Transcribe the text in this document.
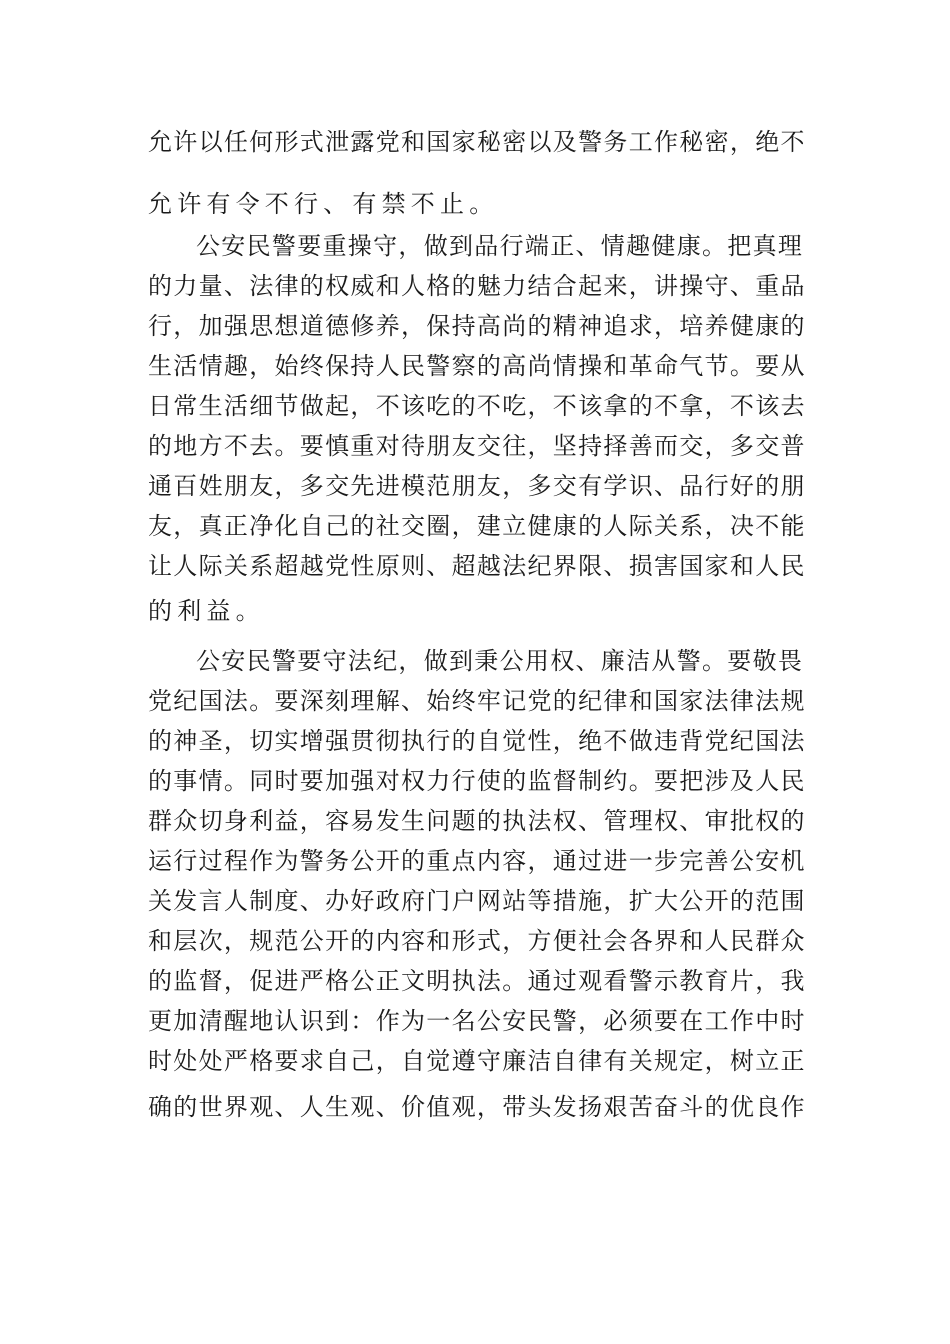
允许以任何形式泄露党和国家秘密以及警务工作秘密，绝不
允许有令不行、有禁不止。
公安民警要重操守，做到品行端正、情趣健康。把真理
的力量、法律的权威和人格的魅力结合起来，讲操守、重品
行，加强思想道德修养，保持高尚的精神追求，培养健康的
生活情趣，始终保持人民警察的高尚情操和革命气节。要从
日常生活细节做起，不该吃的不吃，不该拿的不拿，不该去
的地方不去。要慎重对待朋友交往，坚持择善而交，多交普
通百姓朋友，多交先进模范朋友，多交有学识、品行好的朋
友，真正净化自己的社交圈，建立健康的人际关系，决不能
让人际关系超越党性原则、超越法纪界限、损害国家和人民
的利益。
公安民警要守法纪，做到秉公用权、廉洁从警。要敬畏
党纪国法。要深刻理解、始终牢记党的纪律和国家法律法规
的神圣，切实增强贯彻执行的自觉性，绝不做违背党纪国法
的事情。同时要加强对权力行使的监督制约。要把涉及人民
群众切身利益，容易发生问题的执法权、管理权、审批权的
运行过程作为警务公开的重点内容，通过进一步完善公安机
关发言人制度、办好政府门户网站等措施，扩大公开的范围
和层次，规范公开的内容和形式，方便社会各界和人民群众
的监督，促进严格公正文明执法。通过观看警示教育片，我
更加清醒地认识到：作为一名公安民警，必须要在工作中时
时处处严格要求自己，自觉遵守廉洁自律有关规定，树立正
确的世界观、人生观、价值观，带头发扬艰苦奋斗的优良作
